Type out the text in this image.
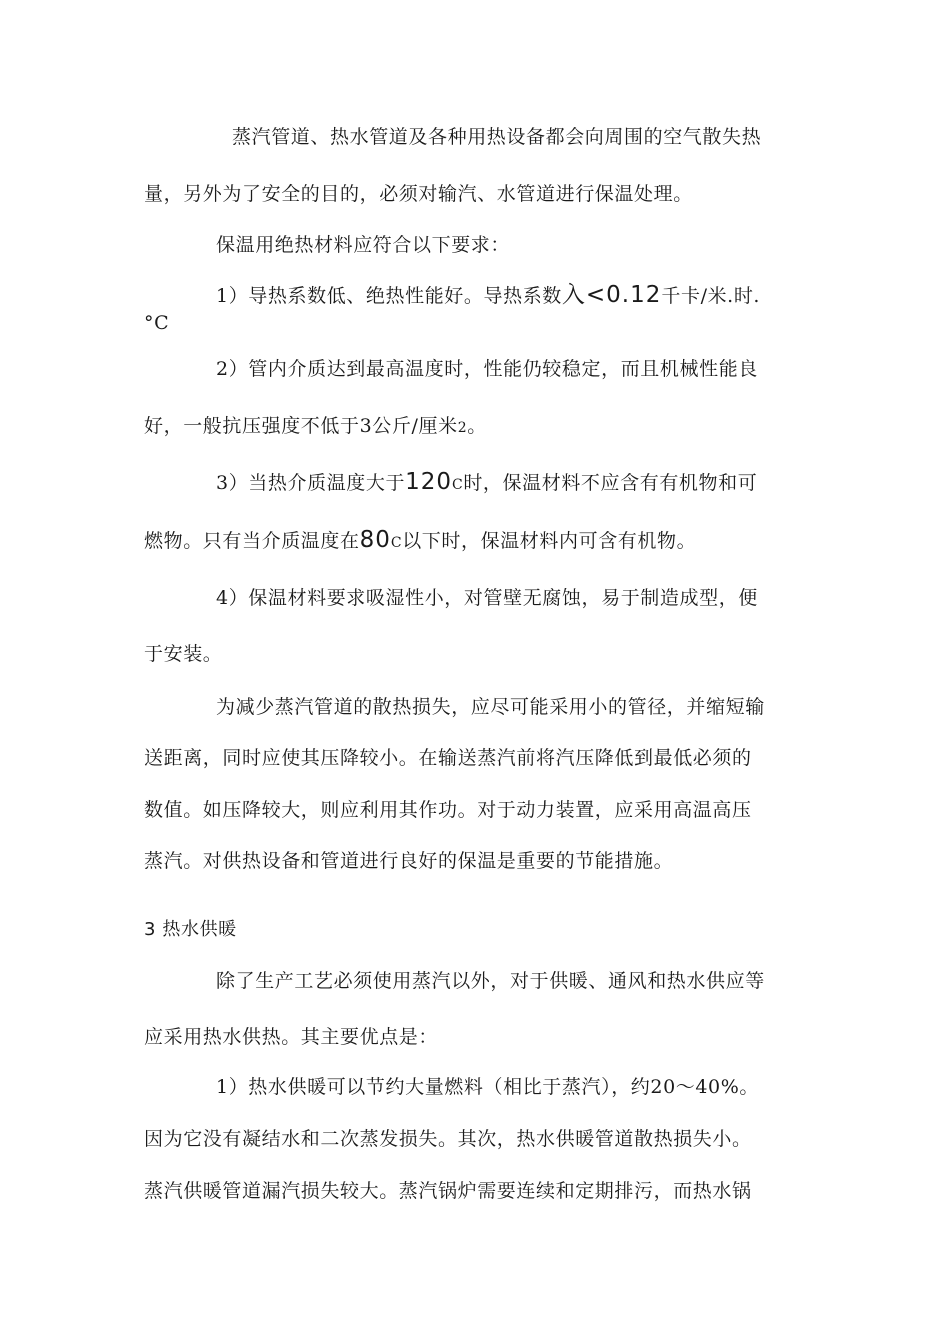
蒸汽管道、热水管道及各种用热设备都会向周围的空气散失热
量，另外为了安全的目的，必须对输汽、水管道进行保温处理。
保温用绝热材料应符合以下要求：
1）导热系数低、绝热性能好。导热系数入<0.12千卡/米.时.
°C
2）管内介质达到最高温度时，性能仍较稳定，而且机械性能良
好，一般抗压强度不低于3公斤/厘米2。
3）当热介质温度大于120C时，保温材料不应含有有机物和可
燃物。只有当介质温度在80C以下时，保温材料内可含有机物。
4）保温材料要求吸湿性小，对管壁无腐蚀，易于制造成型，便
于安装。
为减少蒸汽管道的散热损失，应尽可能采用小的管径，并缩短输
送距离，同时应使其压降较小。在输送蒸汽前将汽压降低到最低必须的
数值。如压降较大，则应利用其作功。对于动力装置，应采用高温高压
蒸汽。对供热设备和管道进行良好的保温是重要的节能措施。
3 热水供暖
除了生产工艺必须使用蒸汽以外，对于供暖、通风和热水供应等
应采用热水供热。其主要优点是：
1）热水供暖可以节约大量燃料（相比于蒸汽），约20〜40%。
因为它没有凝结水和二次蒸发损失。其次，热水供暖管道散热损失小。
蒸汽供暖管道漏汽损失较大。蒸汽锅炉需要连续和定期排污，而热水锅
